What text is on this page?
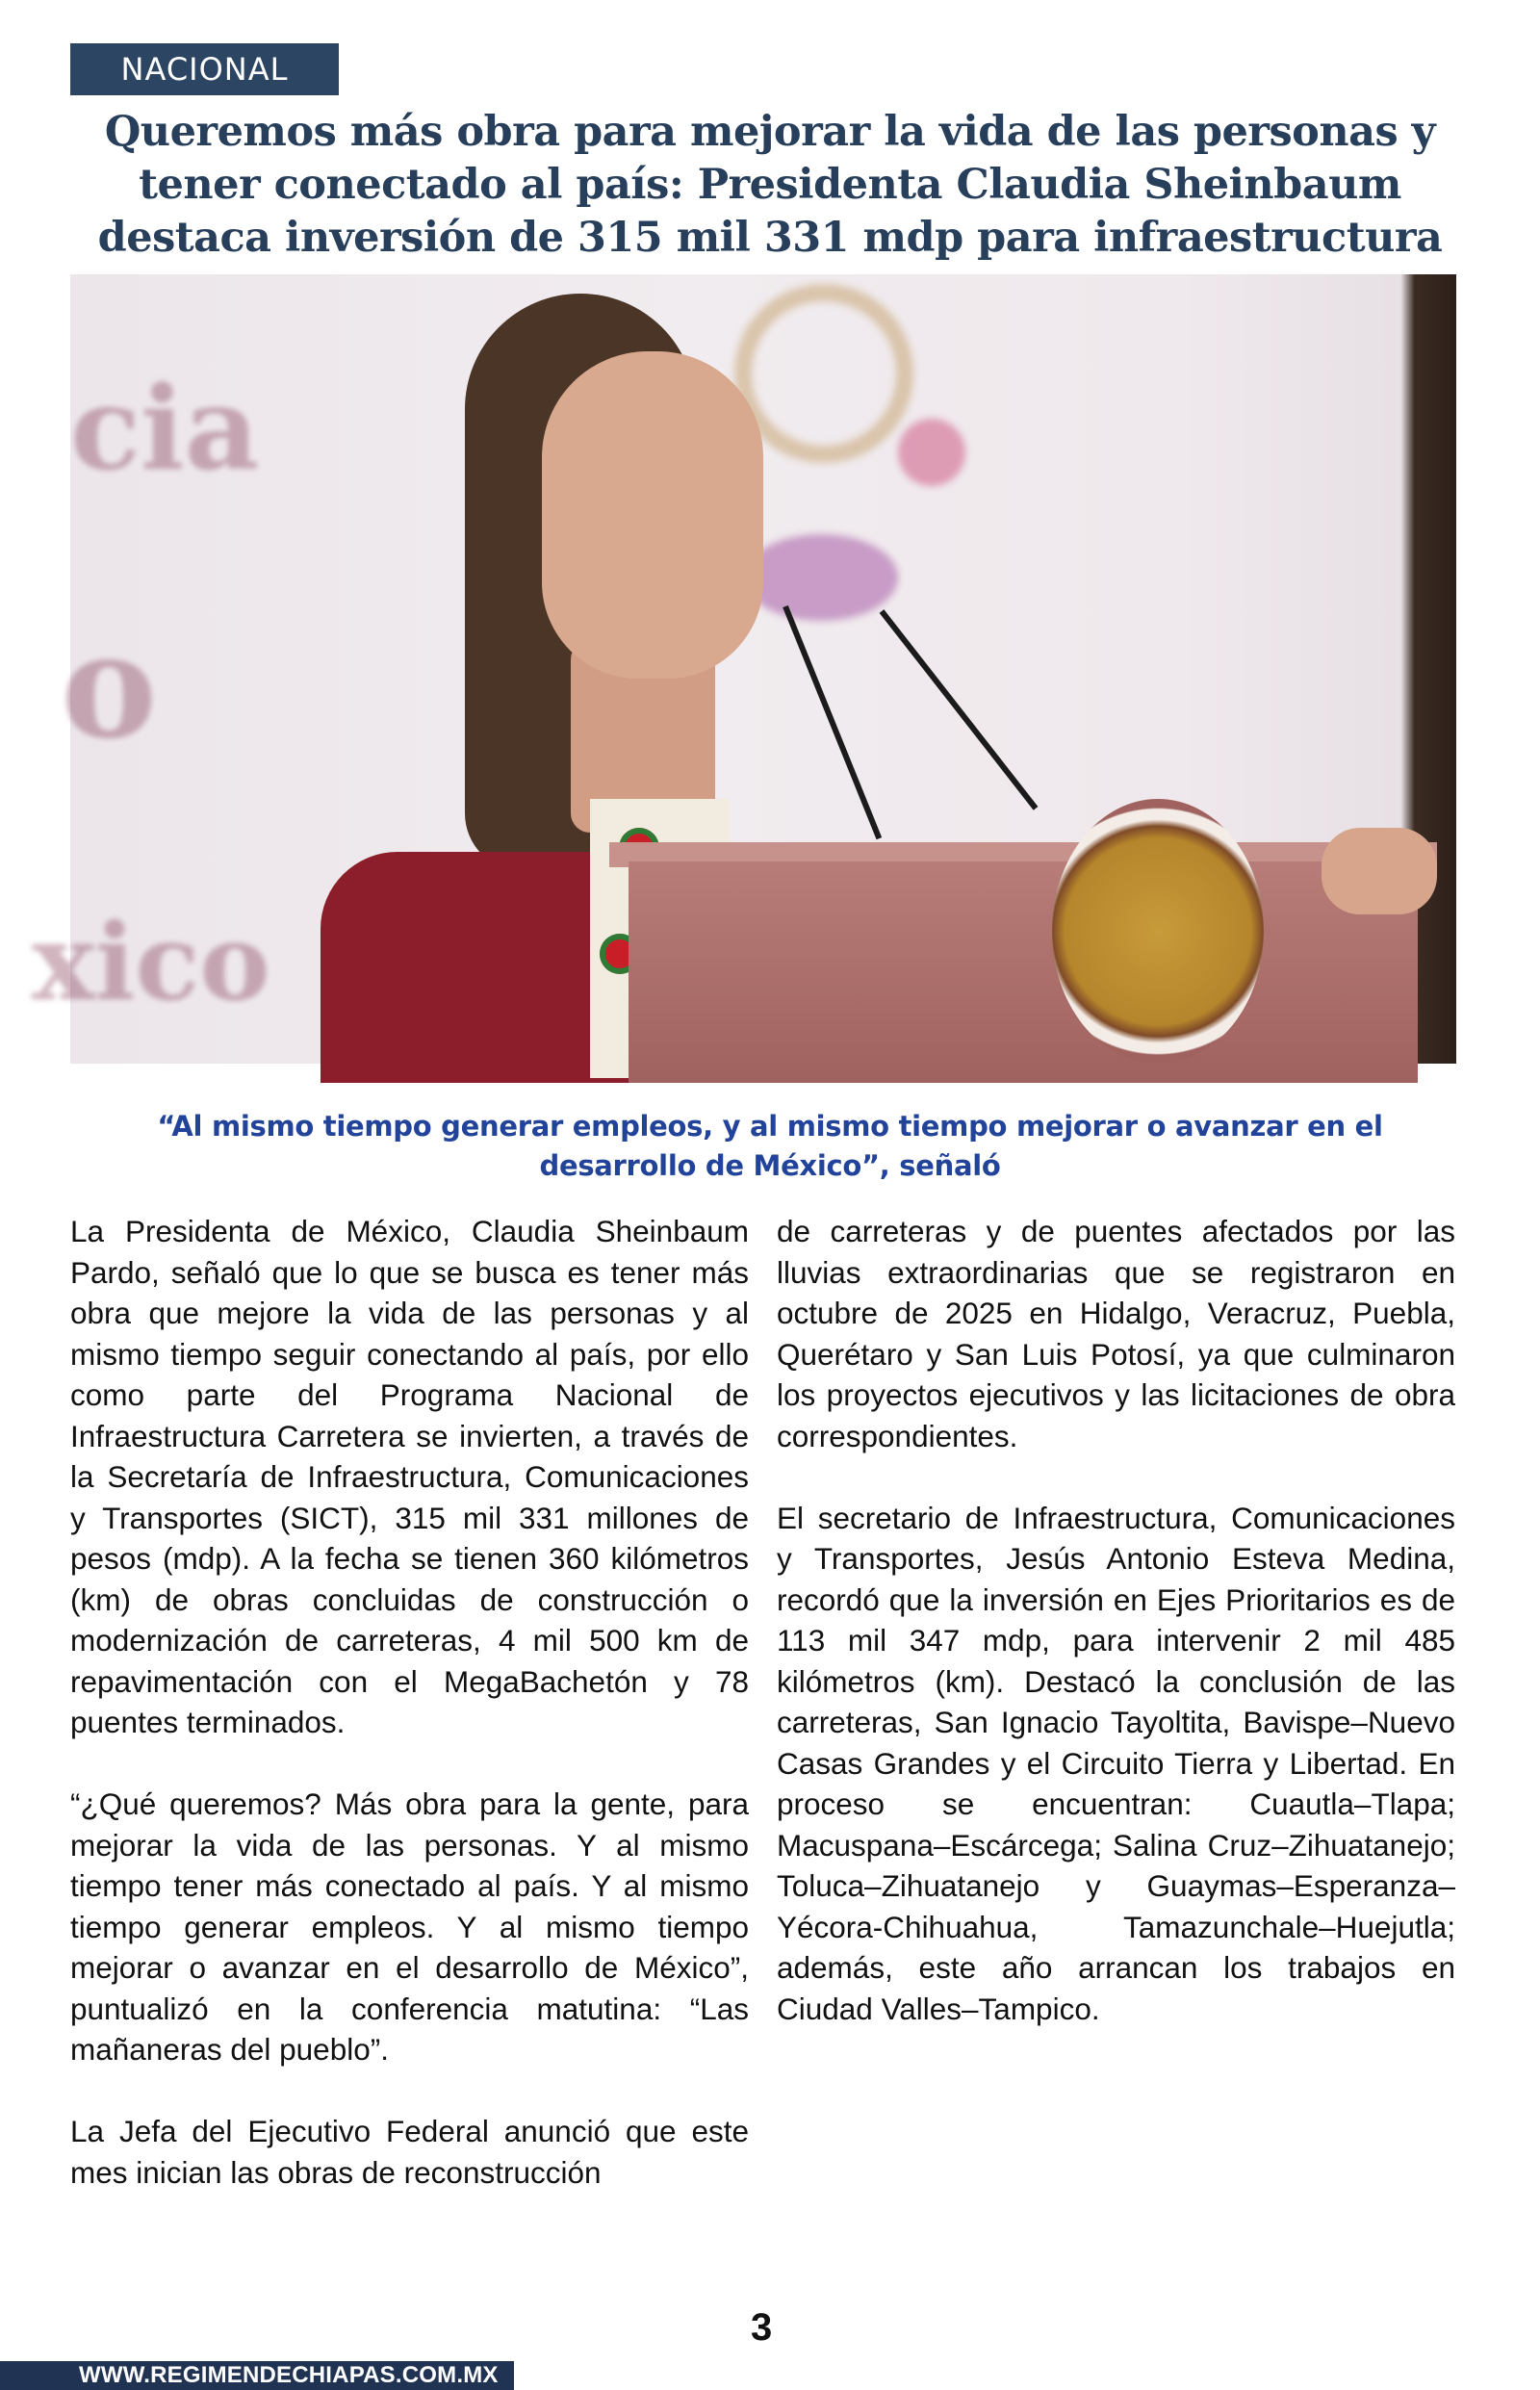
NACIONAL
Queremos más obra para mejorar la vida de las personas y tener conectado al país: Presidenta Claudia Sheinbaum destaca inversión de 315 mil 331 mdp para infraestructura
cia
o
xico

“Al mismo tiempo generar empleos, y al mismo tiempo mejorar o avanzar en el desarrollo de México”, señaló

La Presidenta de México, Claudia Sheinbaum Pardo, señaló que lo que se busca es tener más obra que mejore la vida de las personas y al mismo tiempo seguir conectando al país, por ello como parte del Programa Nacional de Infraestructura Carretera se invierten, a través de la Secretaría de Infraestructura, Comunicaciones y Transportes (SICT), 315 mil 331 millones de pesos (mdp). A la fecha se tienen 360 kilómetros (km) de obras concluidas de construcción o modernización de carreteras, 4 mil 500 km de repavimentación con el MegaBachetón y 78 puentes terminados.

“¿Qué queremos? Más obra para la gente, para mejorar la vida de las personas. Y al mismo tiempo tener más conectado al país. Y al mismo tiempo generar empleos. Y al mismo tiempo mejorar o avanzar en el desarrollo de México”, puntualizó en la conferencia matutina: “Las mañaneras del pueblo”.

La Jefa del Ejecutivo Federal anunció que este mes inician las obras de reconstrucción

de carreteras y de puentes afectados por las lluvias extraordinarias que se registraron en octubre de 2025 en Hidalgo, Veracruz, Puebla, Querétaro y San Luis Potosí, ya que culminaron los proyectos ejecutivos y las licitaciones de obra correspondientes.

El secretario de Infraestructura, Comunicaciones y Transportes, Jesús Antonio Esteva Medina, recordó que la inversión en Ejes Prioritarios es de 113 mil 347 mdp, para intervenir 2 mil 485 kilómetros (km). Destacó la conclusión de las carreteras, San Ignacio Tayoltita, Bavispe–Nuevo Casas Grandes y el Circuito Tierra y Libertad. En proceso se encuentran: Cuautla–Tlapa; Macuspana–Escárcega; Salina Cruz–Zihuatanejo; Toluca–Zihuatanejo y Guaymas–Esperanza–Yécora-Chihuahua, Tamazunchale–Huejutla; además, este año arrancan los trabajos en Ciudad Valles–Tampico.

3
WWW.REGIMENDECHIAPAS.COM.MX
